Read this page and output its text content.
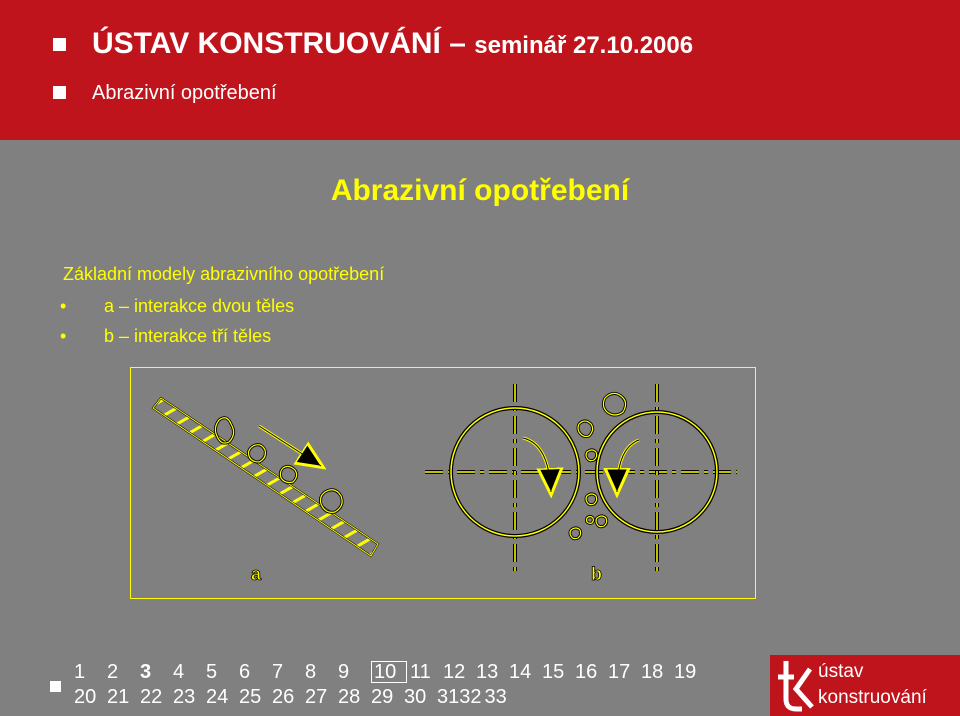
ÚSTAV KONSTRUOVÁNÍ – seminář 27.10.2006
Abrazivní opotřebení
Abrazivní opotřebení
Základní modely abrazivního opotřebení
• a – interakce dvou těles
• b – interakce tří těles
a	b
1 2 3 4 5 6 7 8 9 10 11 12 13 14 15 16 17 18 19
20 21 22 23 24 25 26 27 28 29 30 3132 33
ústav
konstruování
